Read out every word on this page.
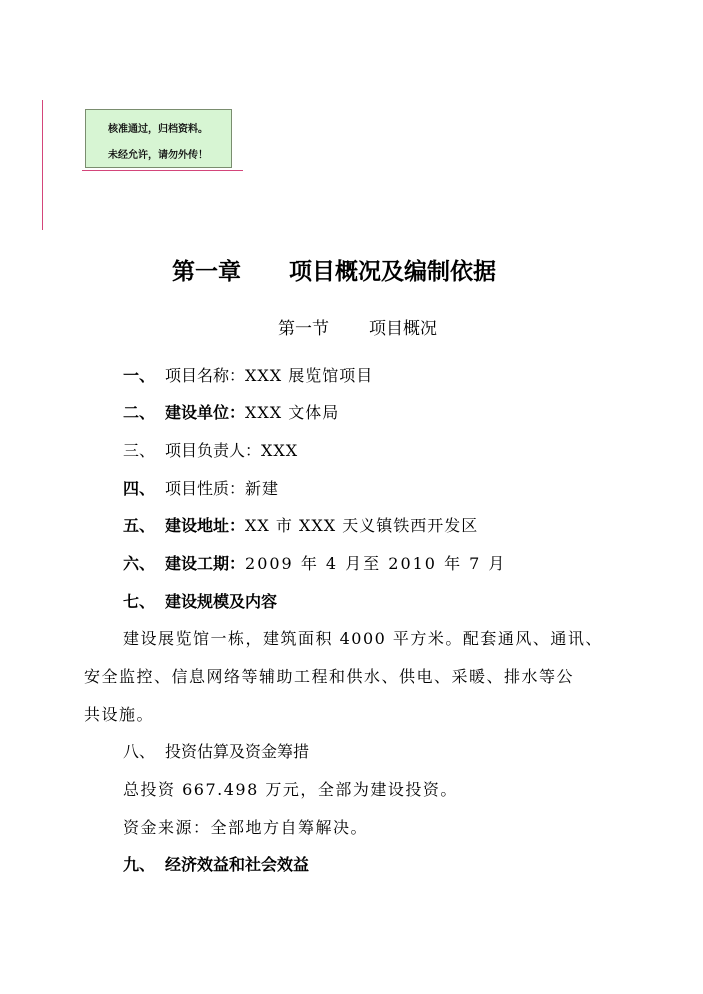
核准通过，归档资料。
未经允许，请勿外传！
第一章 项目概况及编制依据
第一节 项目概况
一、 项目名称：XXX 展览馆项目
二、 建设单位：XXX 文体局
三、 项目负责人：XXX
四、 项目性质：新建
五、 建设地址：XX 市 XXX 天义镇铁西开发区
六、 建设工期：2009 年 4 月至 2010 年 7 月
七、 建设规模及内容
建设展览馆一栋，建筑面积 4000 平方米。配套通风、通讯、
安全监控、信息网络等辅助工程和供水、供电、采暖、排水等公
共设施。
八、 投资估算及资金筹措
总投资 667.498 万元，全部为建设投资。
资金来源：全部地方自筹解决。
九、 经济效益和社会效益
